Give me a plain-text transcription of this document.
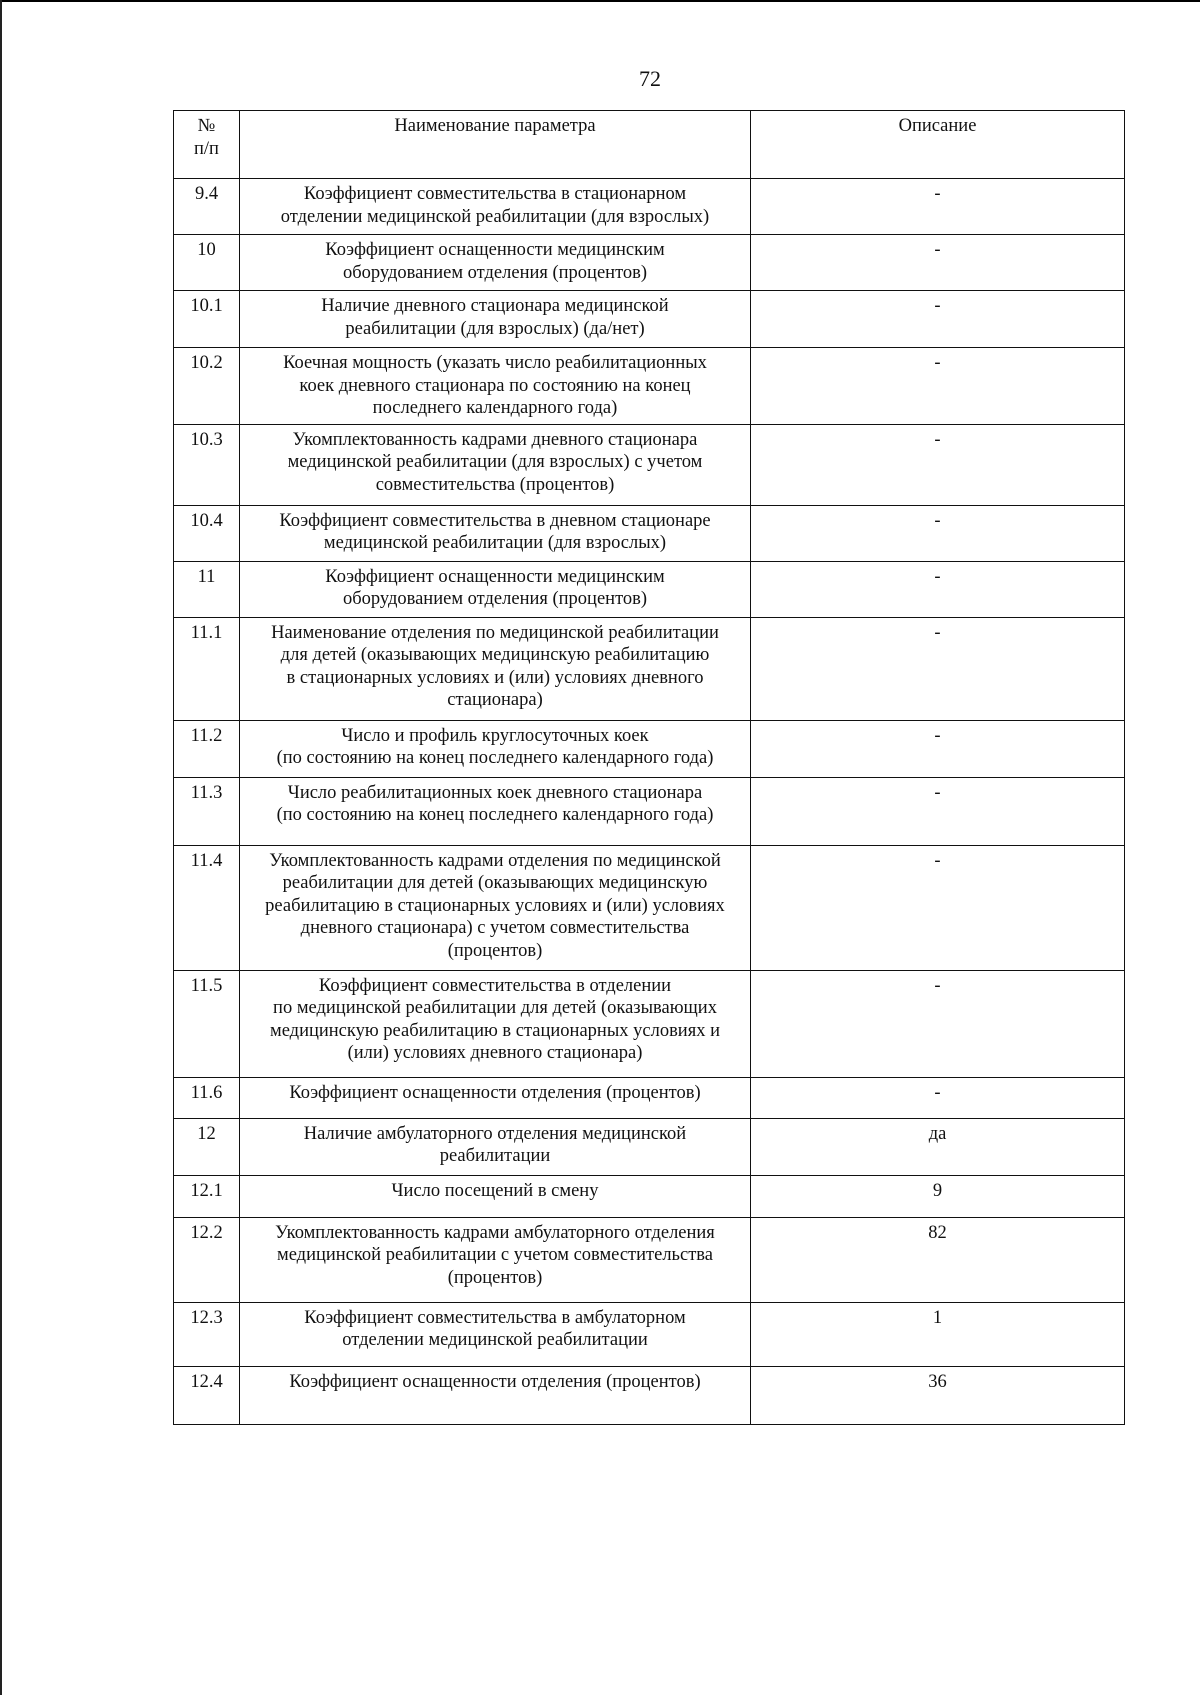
72
№
п/п	Наименование параметра	Описание
9.4	Коэффициент совместительства в стационарном
отделении медицинской реабилитации (для взрослых)	-
10	Коэффициент оснащенности медицинским
оборудованием отделения (процентов)	-
10.1	Наличие дневного стационара медицинской
реабилитации (для взрослых) (да/нет)	-
10.2	Коечная мощность (указать число реабилитационных
коек дневного стационара по состоянию на конец
последнего календарного года)	-
10.3	Укомплектованность кадрами дневного стационара
медицинской реабилитации (для взрослых) с учетом
совместительства (процентов)	-
10.4	Коэффициент совместительства в дневном стационаре
медицинской реабилитации (для взрослых)	-
11	Коэффициент оснащенности медицинским
оборудованием отделения (процентов)	-
11.1	Наименование отделения по медицинской реабилитации
для детей (оказывающих медицинскую реабилитацию
в стационарных условиях и (или) условиях дневного
стационара)	-
11.2	Число и профиль круглосуточных коек
(по состоянию на конец последнего календарного года)	-
11.3	Число реабилитационных коек дневного стационара
(по состоянию на конец последнего календарного года)	-
11.4	Укомплектованность кадрами отделения по медицинской
реабилитации для детей (оказывающих медицинскую
реабилитацию в стационарных условиях и (или) условиях
дневного стационара) с учетом совместительства
(процентов)	-
11.5	Коэффициент совместительства в отделении
по медицинской реабилитации для детей (оказывающих
медицинскую реабилитацию в стационарных условиях и
(или) условиях дневного стационара)	-
11.6	Коэффициент оснащенности отделения (процентов)	-
12	Наличие амбулаторного отделения медицинской
реабилитации	да
12.1	Число посещений в смену	9
12.2	Укомплектованность кадрами амбулаторного отделения
медицинской реабилитации с учетом совместительства
(процентов)	82
12.3	Коэффициент совместительства в амбулаторном
отделении медицинской реабилитации	1
12.4	Коэффициент оснащенности отделения (процентов)	36
